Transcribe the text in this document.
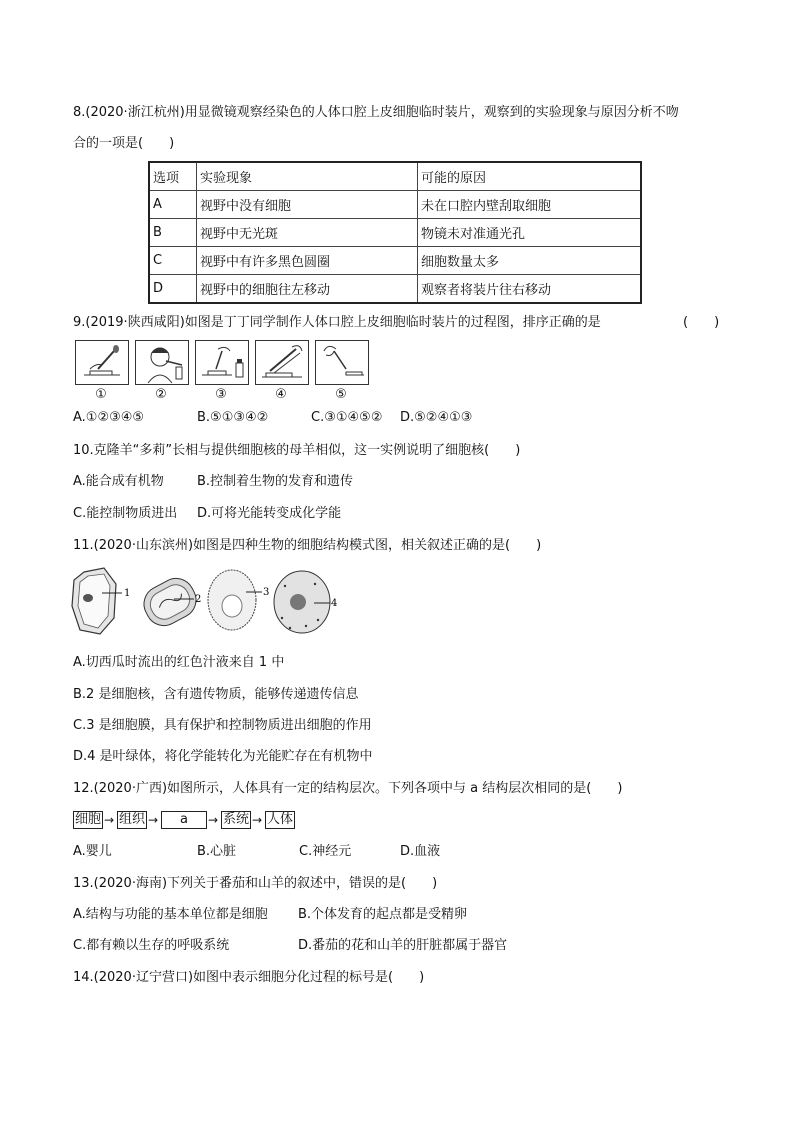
8.(2020·浙江杭州)用显微镜观察经染色的人体口腔上皮细胞临时装片，观察到的实验现象与原因分析不吻
合的一项是(　　)
选项	实验现象	可能的原因
A	视野中没有细胞	未在口腔内壁刮取细胞
B	视野中无光斑	物镜未对准通光孔
C	视野中有许多黑色圆圈	细胞数量太多
D	视野中的细胞往左移动	观察者将装片往右移动
9.(2019·陕西咸阳)如图是丁丁同学制作人体口腔上皮细胞临时装片的过程图，排序正确的是	(　　)
①	②	③	④	⑤
A.①②③④⑤	B.⑤①③④②	C.③①④⑤② D.⑤②④①③
10.克隆羊“多莉”长相与提供细胞核的母羊相似，这一实例说明了细胞核(　　)
A.能合成有机物	B.控制着生物的发育和遗传
C.能控制物质进出 D.可将光能转变成化学能
11.(2020·山东滨州)如图是四种生物的细胞结构模式图，相关叙述正确的是(　　)
1
2
3
4
A.切西瓜时流出的红色汁液来自 1 中
B.2 是细胞核，含有遗传物质，能够传递遗传信息
C.3 是细胞膜，具有保护和控制物质进出细胞的作用
D.4 是叶绿体，将化学能转化为光能贮存在有机物中
12.(2020·广西)如图所示，人体具有一定的结构层次。下列各项中与 a 结构层次相同的是(　　)
细胞 → 组织 →	a	→ 系统 → 人体
A.婴儿	B.心脏	C.神经元	D.血液
13.(2020·海南)下列关于番茄和山羊的叙述中，错误的是(　　)
A.结构与功能的基本单位都是细胞 B.个体发育的起点都是受精卵
C.都有赖以生存的呼吸系统	D.番茄的花和山羊的肝脏都属于器官
14.(2020·辽宁营口)如图中表示细胞分化过程的标号是(　　)
